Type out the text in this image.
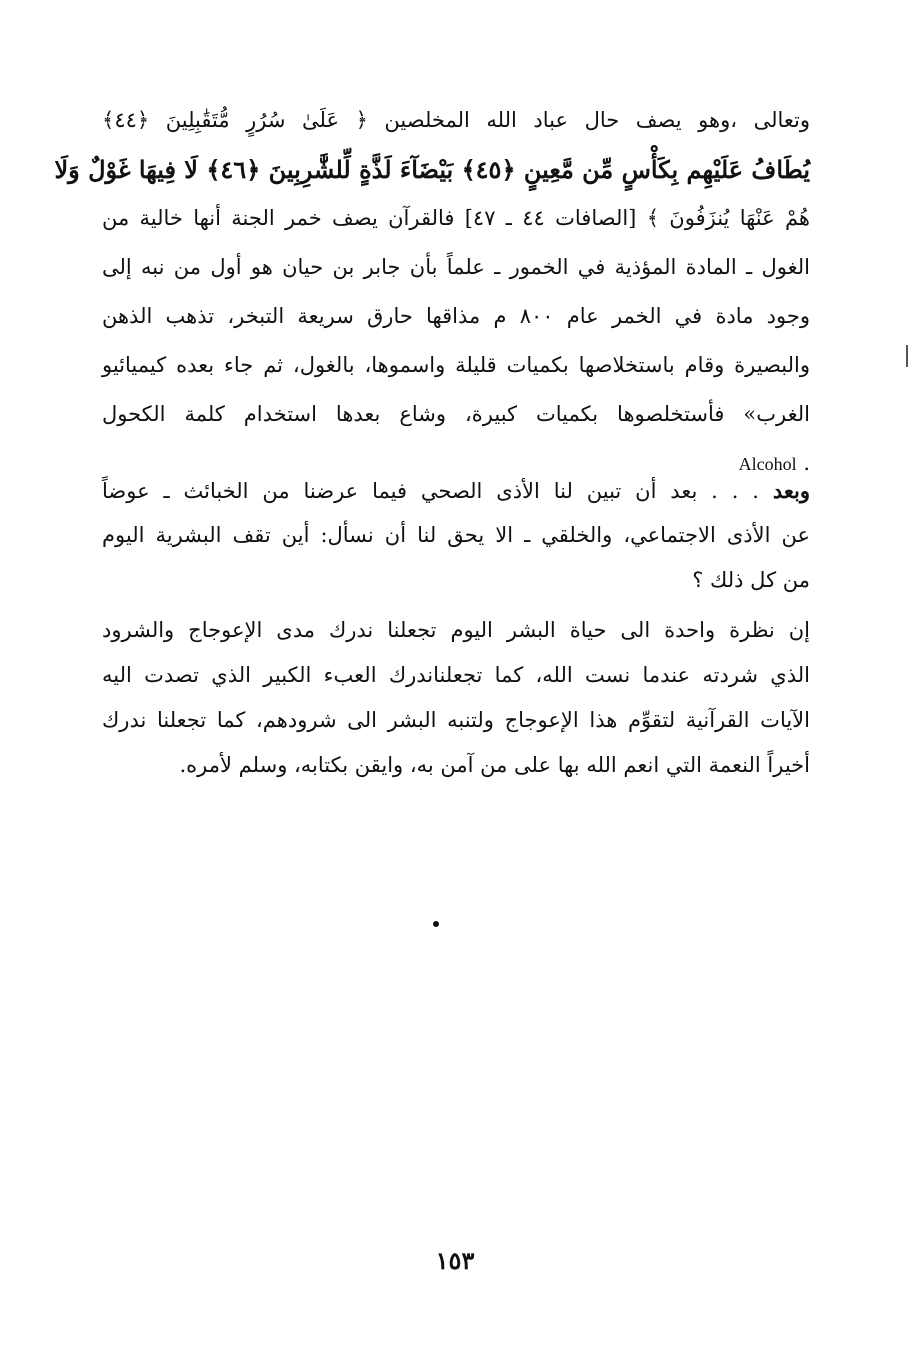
وتعالى ،وهو يصف حال عباد الله المخلصين ﴿ عَلَىٰ سُرُرٍ مُّتَقَٰبِلِينَ ﴿٤٤﴾
يُطَافُ عَلَيْهِم بِكَأْسٍ مِّن مَّعِينٍ ﴿٤٥﴾ بَيْضَآءَ لَذَّةٍ لِّلشَّٰرِبِينَ ﴿٤٦﴾ لَا فِيهَا غَوْلٌ وَلَا
هُمْ عَنْهَا يُنزَفُونَ ﴾ [الصافات ٤٤ ـ ٤٧] فالقرآن يصف خمر الجنة أنها خالية من
الغول ـ المادة المؤذية في الخمور ـ علماً بأن جابر بن حيان هو أول من نبه إلى
وجود مادة في الخمر عام ٨٠٠ م مذاقها حارق سريعة التبخر، تذهب الذهن
والبصيرة وقام باستخلاصها بكميات قليلة واسموها، بالغول، ثم جاء بعده كيميائيو
الغرب» فأستخلصوها بكميات كبيرة، وشاع بعدها استخدام كلمة الكحول
. Alcohol
وبعد . . . بعد أن تبين لنا الأذى الصحي فيما عرضنا من الخبائث ـ عوضاً
عن الأذى الاجتماعي، والخلقي ـ الا يحق لنا أن نسأل: أين تقف البشرية اليوم
من كل ذلك ؟
إن نظرة واحدة الى حياة البشر اليوم تجعلنا ندرك مدى الإعوجاج والشرود
الذي شردته عندما نست الله، كما تجعلناندرك العبء الكبير الذي تصدت اليه
الآيات القرآنية لتقوِّم هذا الإعوجاج ولتنبه البشر الى شرودهم، كما تجعلنا ندرك
أخيراً النعمة التي انعم الله بها على من آمن به، وايقن بكتابه، وسلم لأمره.
١٥٣
